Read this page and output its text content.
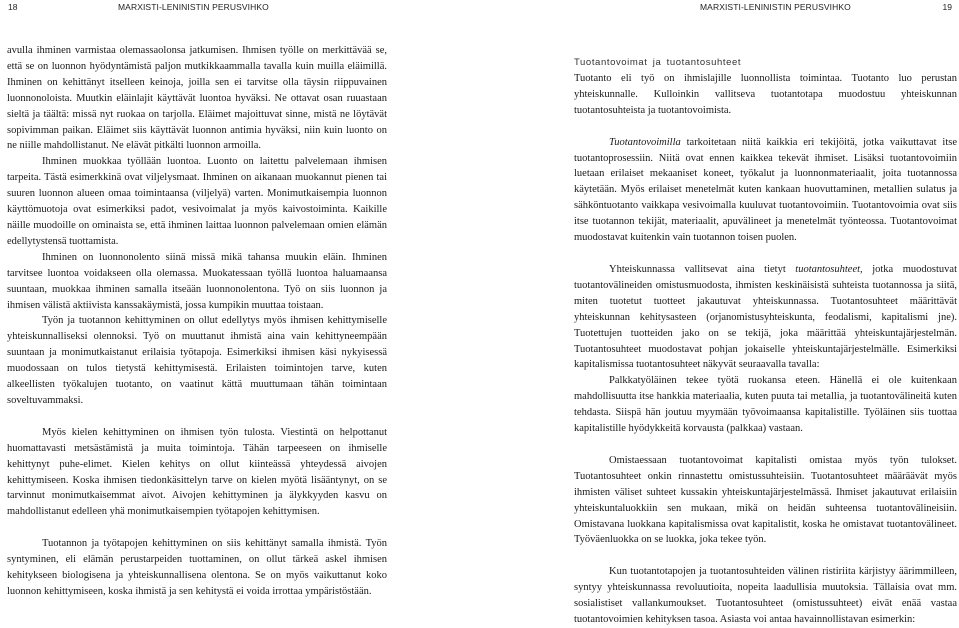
18	MARXISTI-LENINISTIN PERUSVIHKO

avulla ihminen varmistaa olemassaolonsa jatkumisen. Ihmisen työlle on merkittävää se, että se on luonnon hyödyntämistä paljon mutkikkaammalla tavalla kuin muilla eläimillä. Ihminen on kehittänyt itselleen keinoja, joilla sen ei tarvitse olla täysin riippuvainen luonnonoloista. Muutkin eläinlajit käyttävät luontoa hyväksi. Ne ottavat osan ruuastaan sieltä ja täältä: missä nyt ruokaa on tarjolla. Eläimet majoittuvat sinne, mistä ne löytävät sopivimman paikan. Eläimet siis käyttävät luonnon antimia hyväksi, niin kuin luonto on ne niille mahdollistanut. Ne elävät pitkälti luonnon armoilla.

Ihminen muokkaa työllään luontoa. Luonto on laitettu palvelemaan ihmisen tarpeita. Tästä esimerkkinä ovat viljelysmaat. Ihminen on aikanaan muokannut pienen tai suuren luonnon alueen omaa toimintaansa (viljelyä) varten. Monimutkaisempia luonnon käyttömuotoja ovat esimerkiksi padot, vesivoimalat ja myös kaivostoiminta. Kaikille näille muodoille on ominaista se, että ihminen laittaa luonnon palvelemaan omien elämän edellytystensä tuottamista.

Ihminen on luonnonolento siinä missä mikä tahansa muukin eläin. Ihminen tarvitsee luontoa voidakseen olla olemassa. Muokatessaan työllä luontoa haluamaansa suuntaan, muokkaa ihminen samalla itseään luonnonolentona. Työ on siis luonnon ja ihmisen välistä aktiivista kanssakäymistä, jossa kumpikin muuttaa toistaan.

Työn ja tuotannon kehittyminen on ollut edellytys myös ihmisen kehittymiselle yhteiskunnalliseksi olennoksi. Työ on muuttanut ihmistä aina vain kehittyneempään suuntaan ja monimutkaistanut erilaisia työtapoja. Esimerkiksi ihmisen käsi nykyisessä muodossaan on tulos tietystä kehittymisestä. Erilaisten toimintojen tarve, kuten alkeellisten työkalujen tuotanto, on vaatinut kättä muuttumaan tähän toimintaan soveltuvammaksi.

Myös kielen kehittyminen on ihmisen työn tulosta. Viestintä on helpottanut huomattavasti metsästämistä ja muita toimintoja. Tähän tarpeeseen on ihmiselle kehittynyt puhe-elimet. Kielen kehitys on ollut kiinteässä yhteydessä aivojen kehittymiseen. Koska ihmisen tiedonkäsittelyn tarve on kielen myötä lisääntynyt, on se tarvinnut monimutkaisemmat aivot. Aivojen kehittyminen ja älykkyyden kasvu on mahdollistanut edelleen yhä monimutkaisempien työtapojen kehittymisen.

Tuotannon ja työtapojen kehittyminen on siis kehittänyt samalla ihmistä. Työn syntyminen, eli elämän perustarpeiden tuottaminen, on ollut tärkeä askel ihmisen kehitykseen biologisena ja yhteiskunnallisena olentona. Se on myös vaikuttanut koko luonnon kehittymiseen, koska ihmistä ja sen kehitystä ei voida irrottaa ympäristöstään.

MARXISTI-LENINISTIN PERUSVIHKO	19

Tuotantovoimat ja tuotantosuhteet

Tuotanto eli työ on ihmislajille luonnollista toimintaa. Tuotanto luo perustan yhteiskunnalle. Kulloinkin vallitseva tuotantotapa muodostuu yhteiskunnan tuotantosuhteista ja tuotantovoimista.

Tuotantovoimilla tarkoitetaan niitä kaikkia eri tekijöitä, jotka vaikuttavat itse tuotantoprosessiin. Niitä ovat ennen kaikkea tekevät ihmiset. Lisäksi tuotantovoimiin luetaan erilaiset mekaaniset koneet, työkalut ja luonnonmateriaalit, joita tuotannossa käytetään. Myös erilaiset menetelmät kuten kankaan huovuttaminen, metallien sulatus ja sähköntuotanto vaikkapa vesivoimalla kuuluvat tuotantovoimiin. Tuotantovoimia ovat siis itse tuotannon tekijät, materiaalit, apuvälineet ja menetelmät työnteossa. Tuotantovoimat muodostavat kuitenkin vain tuotannon toisen puolen.

Yhteiskunnassa vallitsevat aina tietyt tuotantosuhteet, jotka muodostuvat tuotantovälineiden omistusmuodosta, ihmisten keskinäisistä suhteista tuotannossa ja siitä, miten tuotetut tuotteet jakautuvat yhteiskunnassa. Tuotantosuhteet määrittävät yhteiskunnan kehitysasteen (orjanomistusyhteiskunta, feodalismi, kapitalismi jne). Tuotettujen tuotteiden jako on se tekijä, joka määrittää yhteiskuntajärjestelmän. Tuotantosuhteet muodostavat pohjan jokaiselle yhteiskuntajärjestelmälle. Esimerkiksi kapitalismissa tuotantosuhteet näkyvät seuraavalla tavalla:

Palkkatyöläinen tekee työtä ruokansa eteen. Hänellä ei ole kuitenkaan mahdollisuutta itse hankkia materiaalia, kuten puuta tai metallia, ja tuotantovälineitä kuten tehdasta. Siispä hän joutuu myymään työvoimaansa kapitalistille. Työläinen siis tuottaa kapitalistille hyödykkeitä korvausta (palkkaa) vastaan.

Omistaessaan tuotantovoimat kapitalisti omistaa myös työn tulokset. Tuotantosuhteet onkin rinnastettu omistussuhteisiin. Tuotantosuhteet määräävät myös ihmisten väliset suhteet kussakin yhteiskuntajärjestelmässä. Ihmiset jakautuvat erilaisiin yhteiskuntaluokkiin sen mukaan, mikä on heidän suhteensa tuotantovälineisiin. Omistavana luokkana kapitalismissa ovat kapitalistit, koska he omistavat tuotantovälineet. Työväenluokka on se luokka, joka tekee työn.

Kun tuotantotapojen ja tuotantosuhteiden välinen ristiriita kärjistyy äärimmilleen, syntyy yhteiskunnassa revoluutioita, nopeita laadullisia muutoksia. Tällaisia ovat mm. sosialistiset vallankumoukset. Tuotantosuhteet (omistussuhteet) eivät enää vastaa tuotantovoimien kehityksen tasoa. Asiasta voi antaa havainnollistavan esimerkin:
